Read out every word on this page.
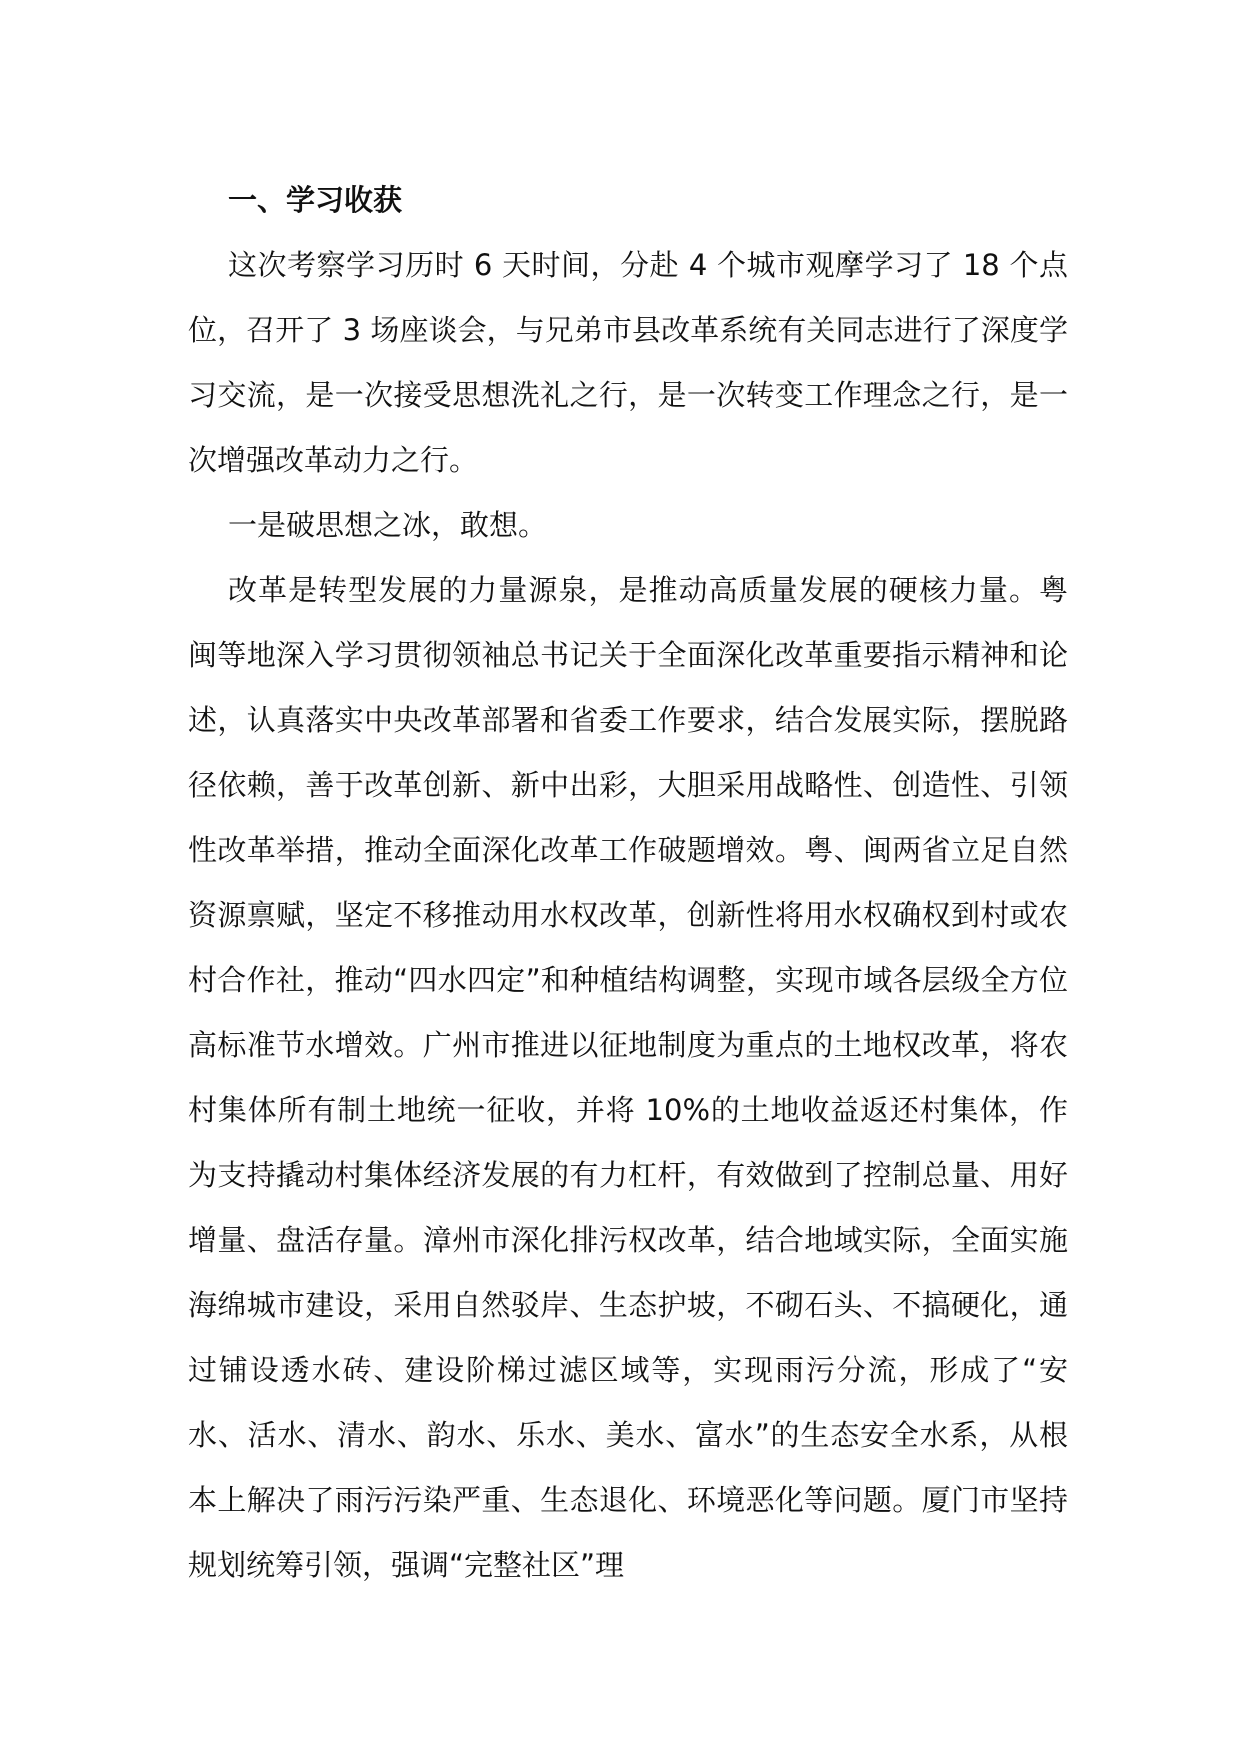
一、学习收获

这次考察学习历时 6 天时间，分赴 4 个城市观摩学习了 18 个点位，召开了 3 场座谈会，与兄弟市县改革系统有关同志进行了深度学习交流，是一次接受思想洗礼之行，是一次转变工作理念之行，是一次增强改革动力之行。

一是破思想之冰，敢想。

改革是转型发展的力量源泉，是推动高质量发展的硬核力量。粤闽等地深入学习贯彻领袖总书记关于全面深化改革重要指示精神和论述，认真落实中央改革部署和省委工作要求，结合发展实际，摆脱路径依赖，善于改革创新、新中出彩，大胆采用战略性、创造性、引领性改革举措，推动全面深化改革工作破题增效。粤、闽两省立足自然资源禀赋，坚定不移推动用水权改革，创新性将用水权确权到村或农村合作社，推动“四水四定”和种植结构调整，实现市域各层级全方位高标准节水增效。广州市推进以征地制度为重点的土地权改革，将农村集体所有制土地统一征收，并将 10%的土地收益返还村集体，作为支持撬动村集体经济发展的有力杠杆，有效做到了控制总量、用好增量、盘活存量。漳州市深化排污权改革，结合地域实际，全面实施海绵城市建设，采用自然驳岸、生态护坡，不砌石头、不搞硬化，通过铺设透水砖、建设阶梯过滤区域等，实现雨污分流，形成了“安水、活水、清水、韵水、乐水、美水、富水”的生态安全水系，从根本上解决了雨污污染严重、生态退化、环境恶化等问题。厦门市坚持规划统筹引领，强调“完整社区”理
